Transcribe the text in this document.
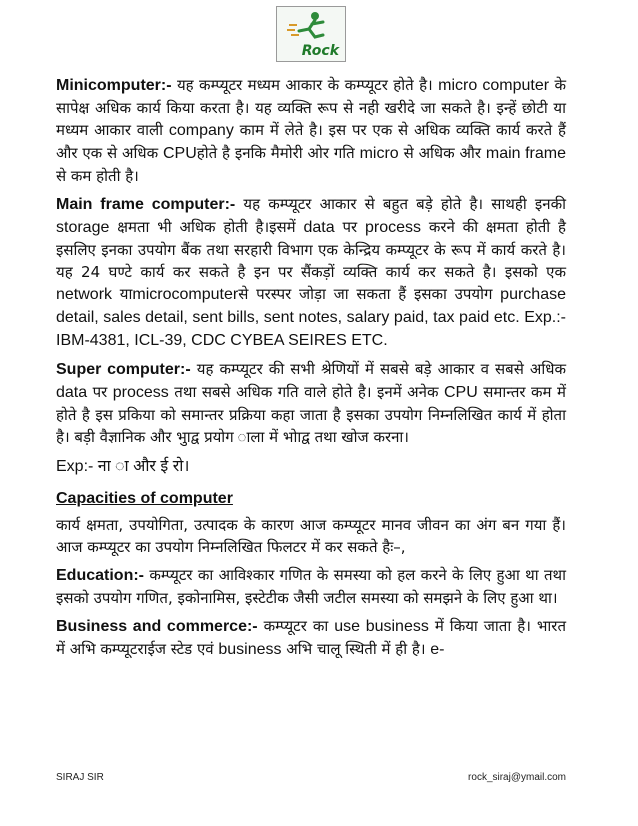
Rock

Minicomputer:- यह कम्प्यूटर मध्यम आकार के कम्प्यूटर होते है। micro computer के सापेक्ष अधिक कार्य किया करता है। यह व्यक्ति रूप से नही खरीदे जा सकते है। इन्हें छोटी या मध्यम आकार वाली company काम में लेते है। इस पर एक से अधिक व्यक्ति कार्य करते हैं और एक से अधिक CPUहोते है इनकि मैमोरी ओर गति micro से अधिक और main frame से कम होती है।

Main frame computer:- यह कम्प्यूटर आकार से बहुत बड़े होते है। साथही इनकी storage क्षमता भी अधिक होती है।इसमें data पर process करने की क्षमता होती है इसलिए इनका उपयोग बैंक तथा सरहारी विभाग एक केन्द्रिय कम्प्यूटर के रूप में कार्य करते है। यह 24 घण्टे कार्य कर सकते है इन पर सैंकड़ों व्यक्ति कार्य कर सकते है। इसको एक network याmicrocomputerसे परस्पर जोड़ा जा सकता हैं इसका उपयोग purchase detail, sales detail, sent bills, sent notes, salary paid, tax paid etc. Exp.:- IBM-4381, ICL-39, CDC CYBEA SEIRES ETC.

Super computer:- यह कम्प्यूटर की सभी श्रेणियों में सबसे बड़े आकार व सबसे अधिक data पर process तथा सबसे अधिक गति वाले होते है। इनमें अनेक CPU समान्तर कम में होते है इस प्रकिया को समान्तर प्रक्रिया कहा जाता है इसका उपयोग निम्नलिखित कार्य में होता है। बड़ी वैज्ञानिक और भुाद्व प्रयोग ाला में भोाद्व तथा खोज करना।

Exp:- ना ा और ई रो।

Capacities of computer

कार्य क्षमता, उपयोगिता, उत्पादक के कारण आज कम्प्यूटर मानव जीवन का अंग बन गया हैं। आज कम्प्यूटर का उपयोग निम्नलिखित फिलटर में कर सकते हैः–,

Education:- कम्प्यूटर का आविश्कार गणित के समस्या को हल करने के लिए हुआ था तथा इसको उपयोग गणित, इकोनामिस, इस्टेटीक जैसी जटील समस्या को समझने के लिए हुआ था।

Business and commerce:- कम्प्यूटर का use business में किया जाता है। भारत में अभि कम्प्यूटराईज स्टेड एवं business अभि चालू स्थिती में ही है। e-

SIRAJ SIR	rock_siraj@ymail.com
